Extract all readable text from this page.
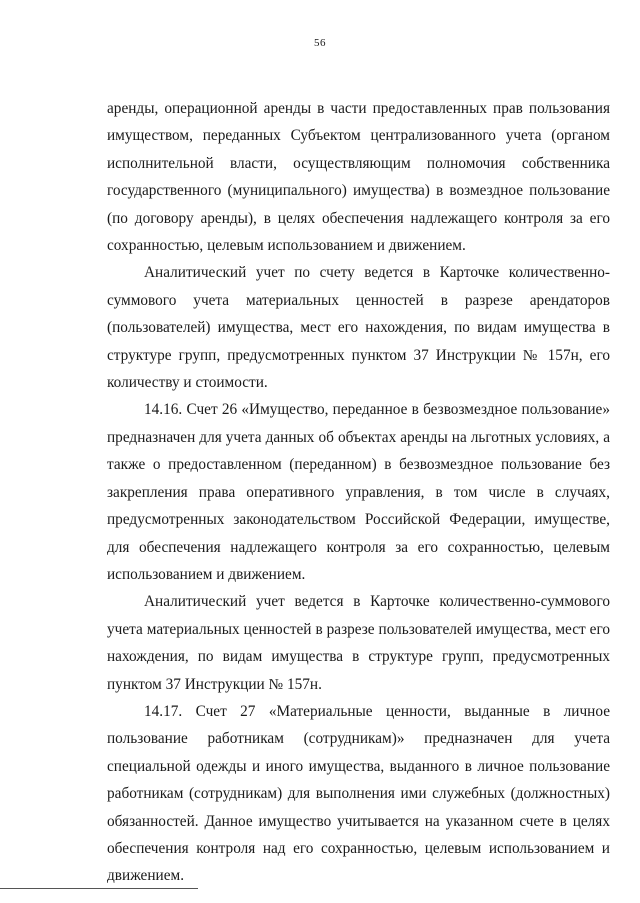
56

аренды, операционной аренды в части предоставленных прав пользования имуществом, переданных Субъектом централизованного учета (органом исполнительной власти, осуществляющим полномочия собственника государственного (муниципального) имущества) в возмездное пользование (по договору аренды), в целях обеспечения надлежащего контроля за его сохранностью, целевым использованием и движением.

Аналитический учет по счету ведется в Карточке количественно-суммового учета материальных ценностей в разрезе арендаторов (пользователей) имущества, мест его нахождения, по видам имущества в структуре групп, предусмотренных пунктом 37 Инструкции № 157н, его количеству и стоимости.

14.16. Счет 26 «Имущество, переданное в безвозмездное пользование» предназначен для учета данных об объектах аренды на льготных условиях, а также о предоставленном (переданном) в безвозмездное пользование без закрепления права оперативного управления, в том числе в случаях, предусмотренных законодательством Российской Федерации, имуществе, для обеспечения надлежащего контроля за его сохранностью, целевым использованием и движением.

Аналитический учет ведется в Карточке количественно-суммового учета материальных ценностей в разрезе пользователей имущества, мест его нахождения, по видам имущества в структуре групп, предусмотренных пунктом 37 Инструкции № 157н.

14.17. Счет 27 «Материальные ценности, выданные в личное пользование работникам (сотрудникам)» предназначен для учета специальной одежды и иного имущества, выданного в личное пользование работникам (сотрудникам) для выполнения ими служебных (должностных) обязанностей. Данное имущество учитывается на указанном счете в целях обеспечения контроля над его сохранностью, целевым использованием и движением.
